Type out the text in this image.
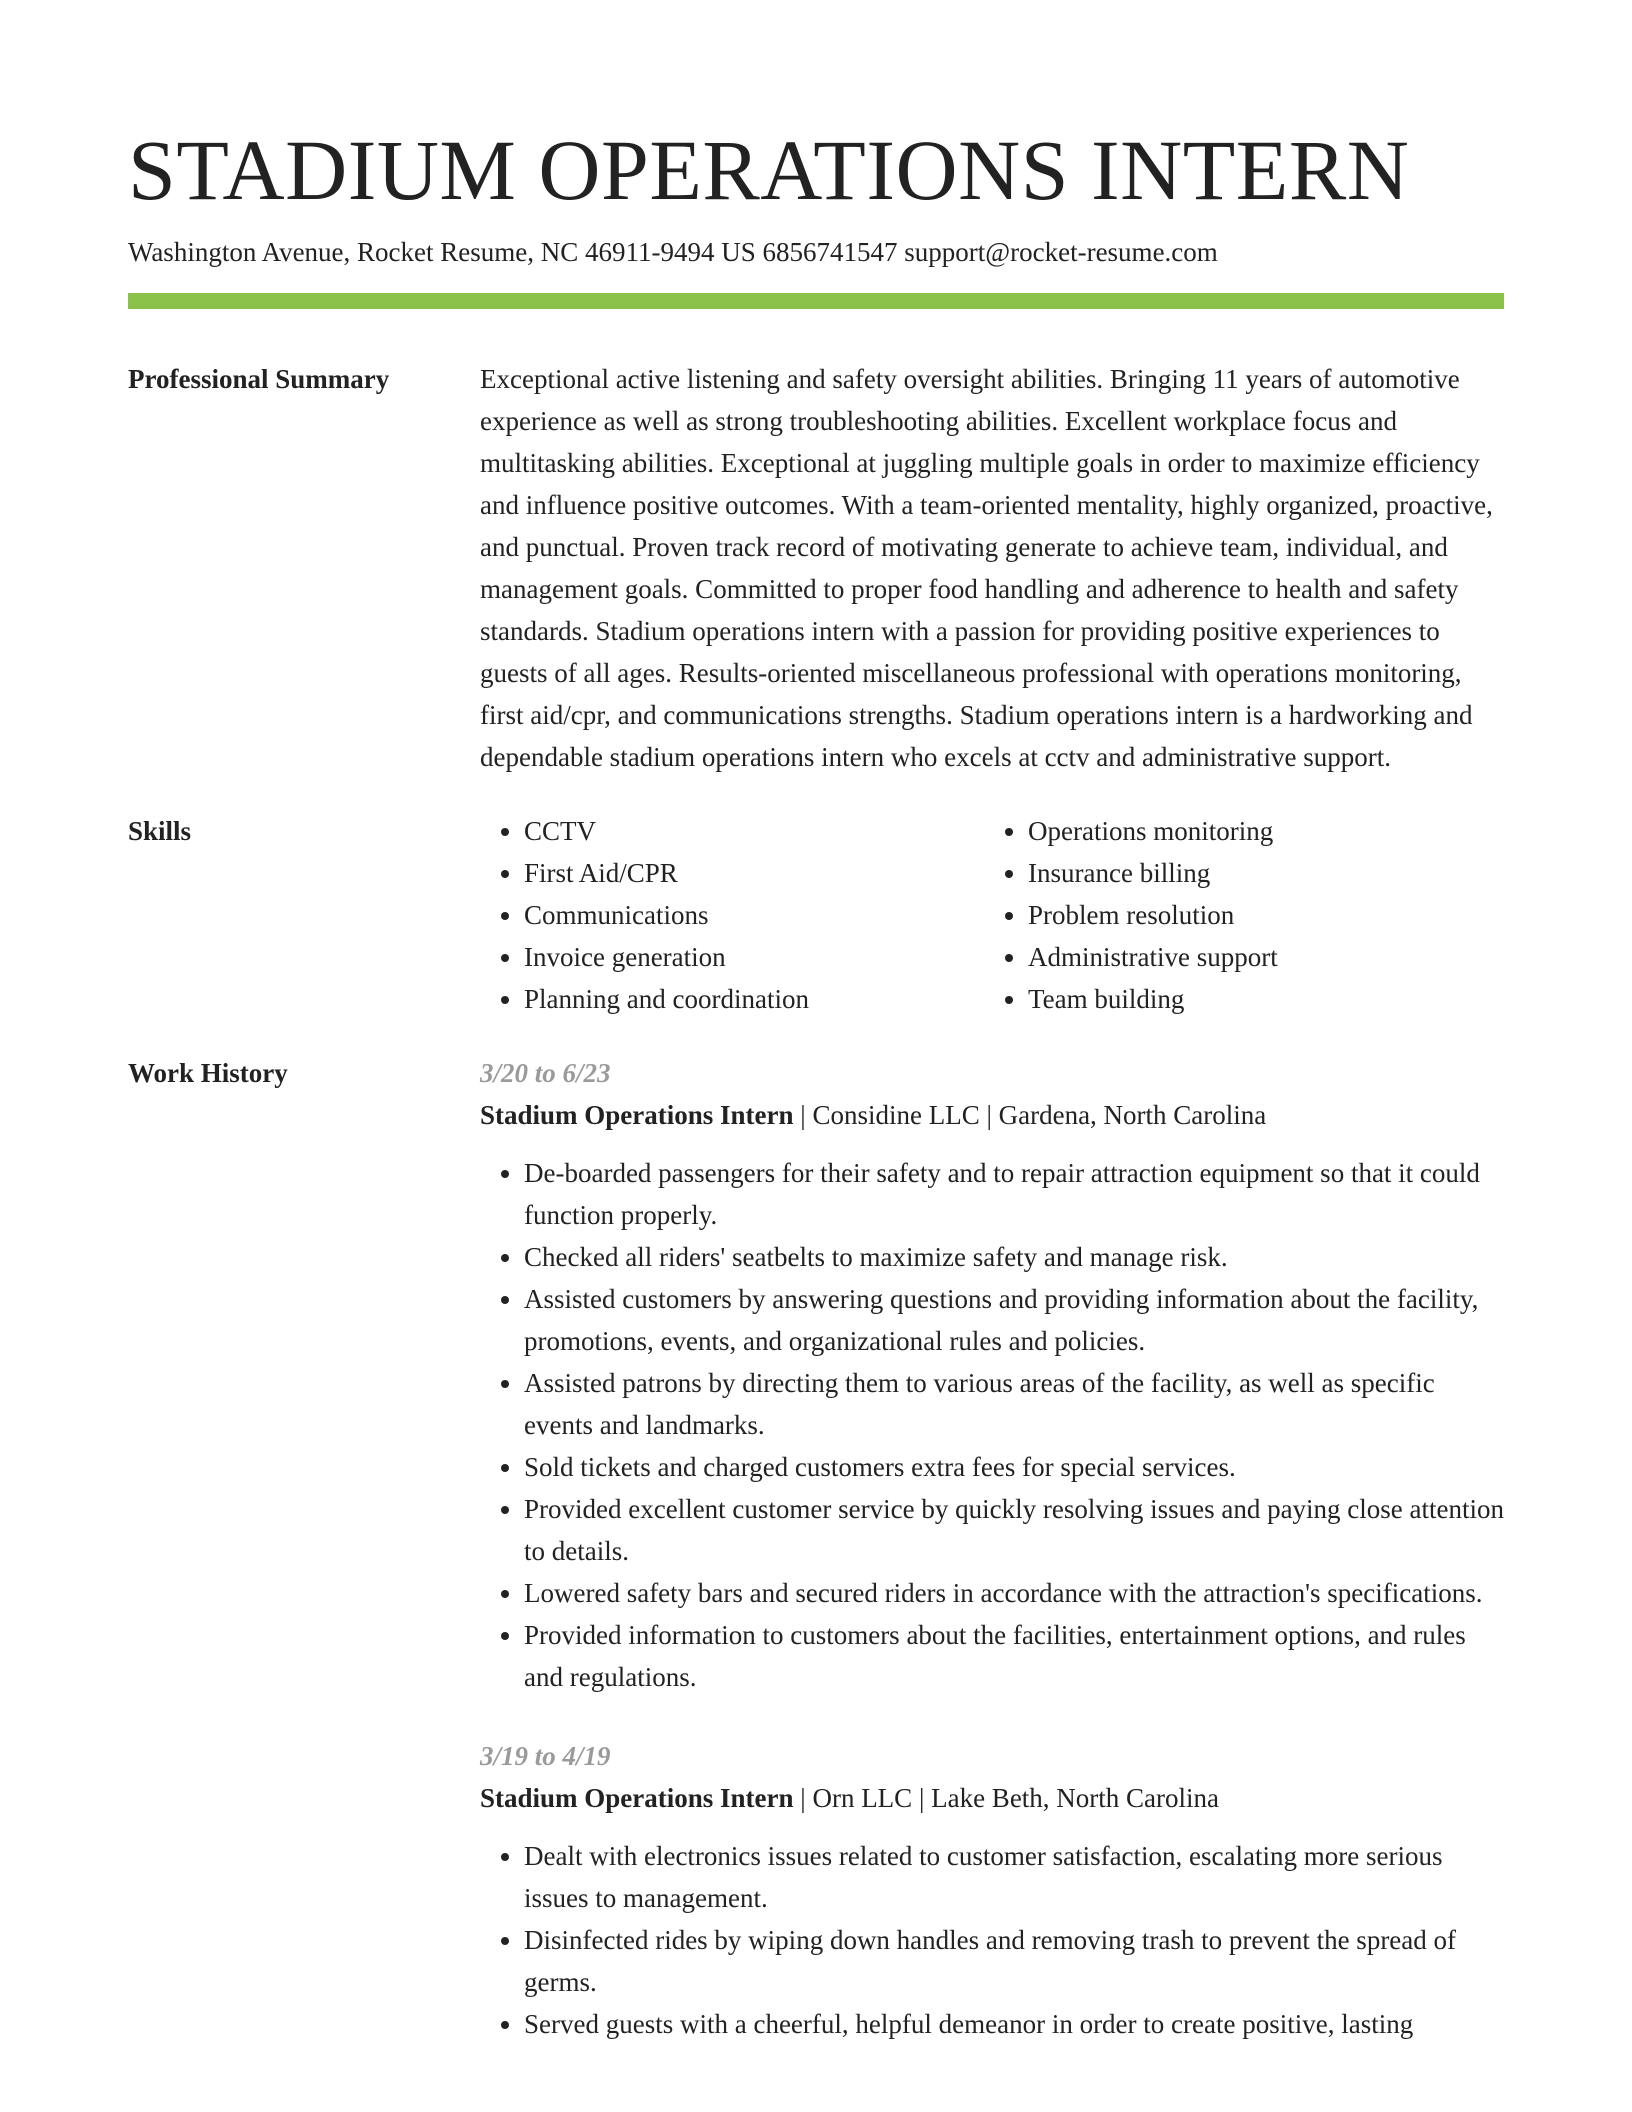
STADIUM OPERATIONS INTERN
Washington Avenue, Rocket Resume, NC 46911-9494 US 6856741547 support@rocket-resume.com
Professional Summary	Exceptional active listening and safety oversight abilities. Bringing 11 years of automotive experience as well as strong troubleshooting abilities. Excellent workplace focus and multitasking abilities. Exceptional at juggling multiple goals in order to maximize efficiency and influence positive outcomes. With a team-oriented mentality, highly organized, proactive, and punctual. Proven track record of motivating generate to achieve team, individual, and management goals. Committed to proper food handling and adherence to health and safety standards. Stadium operations intern with a passion for providing positive experiences to guests of all ages. Results-oriented miscellaneous professional with operations monitoring, first aid/cpr, and communications strengths. Stadium operations intern is a hardworking and dependable stadium operations intern who excels at cctv and administrative support.

Skills
•	CCTV
• First Aid/CPR
• Communications
• Invoice generation
• Planning and coordination
• Operations monitoring
• Insurance billing
• Problem resolution
• Administrative support
• Team building
Work History	3/20 to 6/23
Stadium Operations Intern | Considine LLC | Gardena, North Carolina
• De-boarded passengers for their safety and to repair attraction equipment so that it could function properly.
• Checked all riders' seatbelts to maximize safety and manage risk.
• Assisted customers by answering questions and providing information about the facility, promotions, events, and organizational rules and policies.
• Assisted patrons by directing them to various areas of the facility, as well as specific events and landmarks.
• Sold tickets and charged customers extra fees for special services.
• Provided excellent customer service by quickly resolving issues and paying close attention to details.
• Lowered safety bars and secured riders in accordance with the attraction's specifications.
• Provided information to customers about the facilities, entertainment options, and rules and regulations.
3/19 to 4/19
Stadium Operations Intern | Orn LLC | Lake Beth, North Carolina
• Dealt with electronics issues related to customer satisfaction, escalating more serious issues to management.
• Disinfected rides by wiping down handles and removing trash to prevent the spread of germs.
• Served guests with a cheerful, helpful demeanor in order to create positive, lasting
